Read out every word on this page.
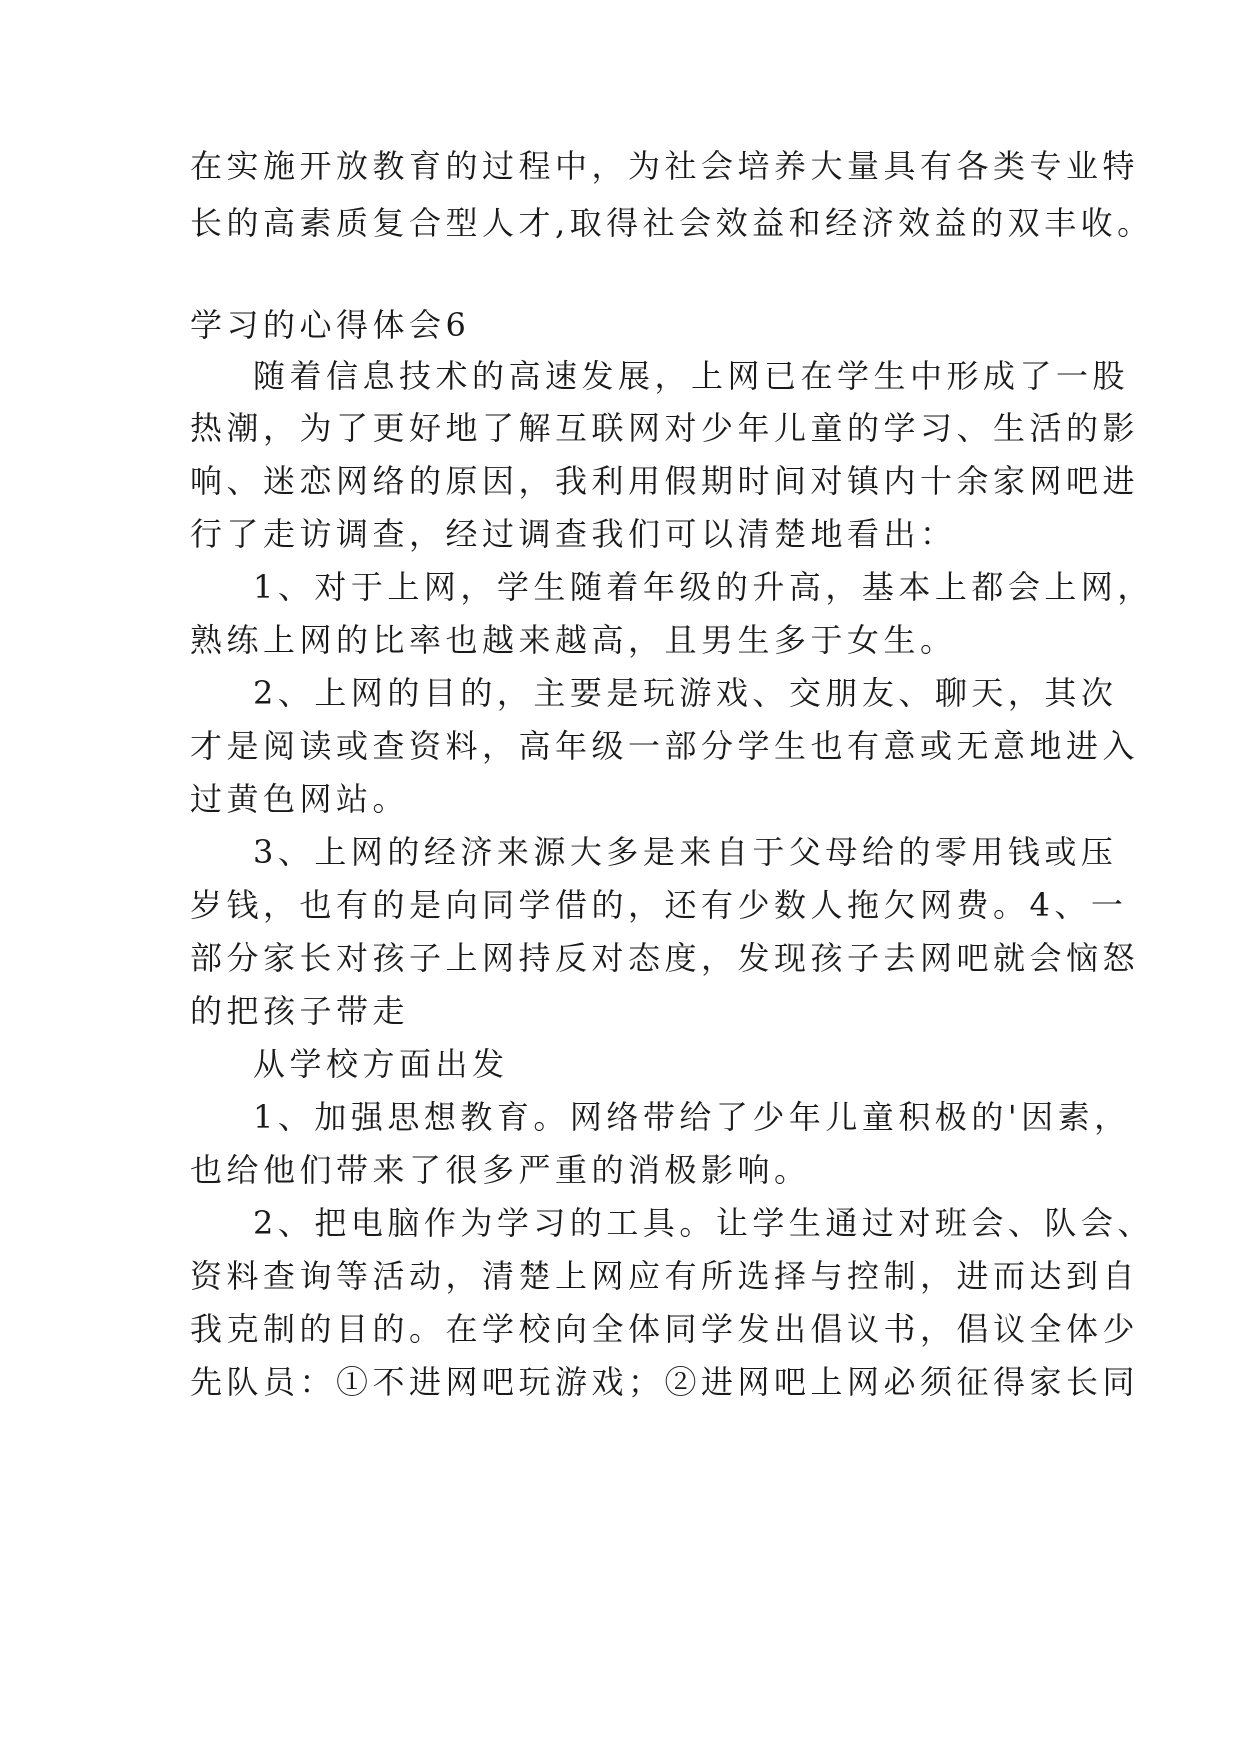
在实施开放教育的过程中，为社会培养大量具有各类专业特
长的高素质复合型人才,取得社会效益和经济效益的双丰收。
学习的心得体会6
随着信息技术的高速发展，上网已在学生中形成了一股
热潮，为了更好地了解互联网对少年儿童的学习、生活的影
响、迷恋网络的原因，我利用假期时间对镇内十余家网吧进
行了走访调查，经过调查我们可以清楚地看出：
1、对于上网，学生随着年级的升高，基本上都会上网，
熟练上网的比率也越来越高，且男生多于女生。
2、上网的目的，主要是玩游戏、交朋友、聊天，其次
才是阅读或查资料，高年级一部分学生也有意或无意地进入
过黄色网站。
3、上网的经济来源大多是来自于父母给的零用钱或压
岁钱，也有的是向同学借的，还有少数人拖欠网费。4、一
部分家长对孩子上网持反对态度，发现孩子去网吧就会恼怒
的把孩子带走
从学校方面出发
1、加强思想教育。网络带给了少年儿童积极的'因素，
也给他们带来了很多严重的消极影响。
2、把电脑作为学习的工具。让学生通过对班会、队会、
资料查询等活动，清楚上网应有所选择与控制，进而达到自
我克制的目的。在学校向全体同学发出倡议书，倡议全体少
先队员：①不进网吧玩游戏；②进网吧上网必须征得家长同
